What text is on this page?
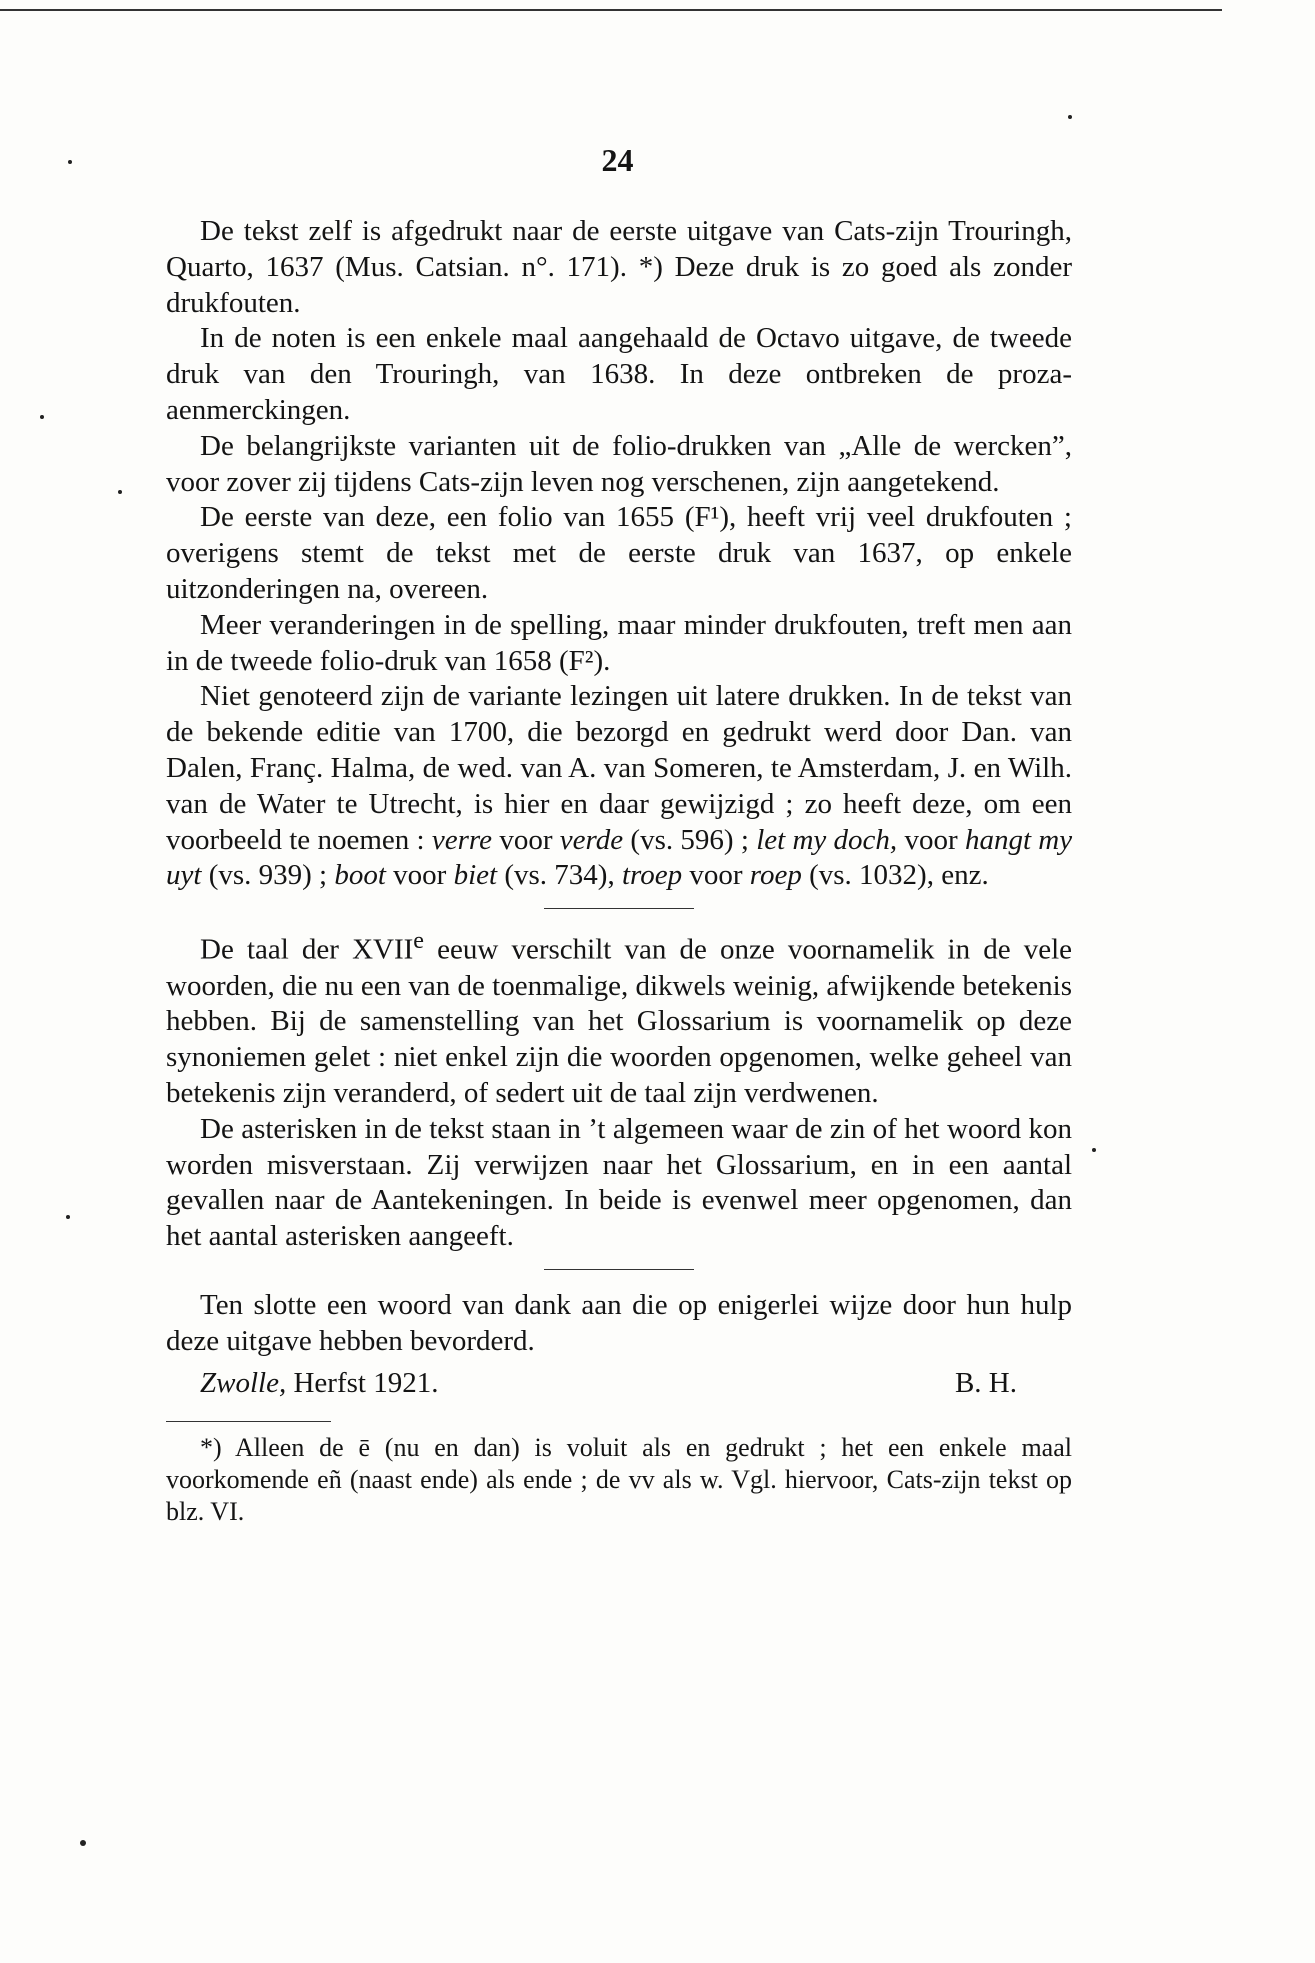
24

De tekst zelf is afgedrukt naar de eerste uitgave van Cats-zijn Trouringh, Quarto, 1637 (Mus. Catsian. n°. 171). *) Deze druk is zo goed als zonder drukfouten.

In de noten is een enkele maal aangehaald de Octavo uitgave, de tweede druk van den Trouringh, van 1638. In deze ontbreken de proza-aenmerckingen.

De belangrijkste varianten uit de folio-drukken van „Alle de wercken”, voor zover zij tijdens Cats-zijn leven nog verschenen, zijn aangetekend.

De eerste van deze, een folio van 1655 (F¹), heeft vrij veel drukfouten ; overigens stemt de tekst met de eerste druk van 1637, op enkele uitzonderingen na, overeen.

Meer veranderingen in de spelling, maar minder drukfouten, treft men aan in de tweede folio-druk van 1658 (F²).

Niet genoteerd zijn de variante lezingen uit latere drukken. In de tekst van de bekende editie van 1700, die bezorgd en gedrukt werd door Dan. van Dalen, Franç. Halma, de wed. van A. van Someren, te Amsterdam, J. en Wilh. van de Water te Utrecht, is hier en daar gewijzigd ; zo heeft deze, om een voorbeeld te noemen : verre voor verde (vs. 596) ; let my doch, voor hangt my uyt (vs. 939) ; boot voor biet (vs. 734), troep voor roep (vs. 1032), enz.

De taal der XVIIe eeuw verschilt van de onze voornamelik in de vele woorden, die nu een van de toenmalige, dikwels weinig, afwijkende betekenis hebben. Bij de samenstelling van het Glossarium is voornamelik op deze synoniemen gelet : niet enkel zijn die woorden opgenomen, welke geheel van betekenis zijn veranderd, of sedert uit de taal zijn verdwenen.

De asterisken in de tekst staan in ’t algemeen waar de zin of het woord kon worden misverstaan. Zij verwijzen naar het Glossarium, en in een aantal gevallen naar de Aantekeningen. In beide is evenwel meer opgenomen, dan het aantal asterisken aangeeft.

Ten slotte een woord van dank aan die op enigerlei wijze door hun hulp deze uitgave hebben bevorderd.

Zwolle, Herfst 1921.	B. H.

*) Alleen de ē (nu en dan) is voluit als en gedrukt ; het een enkele maal voorkomende eñ (naast ende) als ende ; de vv als w. Vgl. hiervoor, Cats-zijn tekst op blz. VI.
